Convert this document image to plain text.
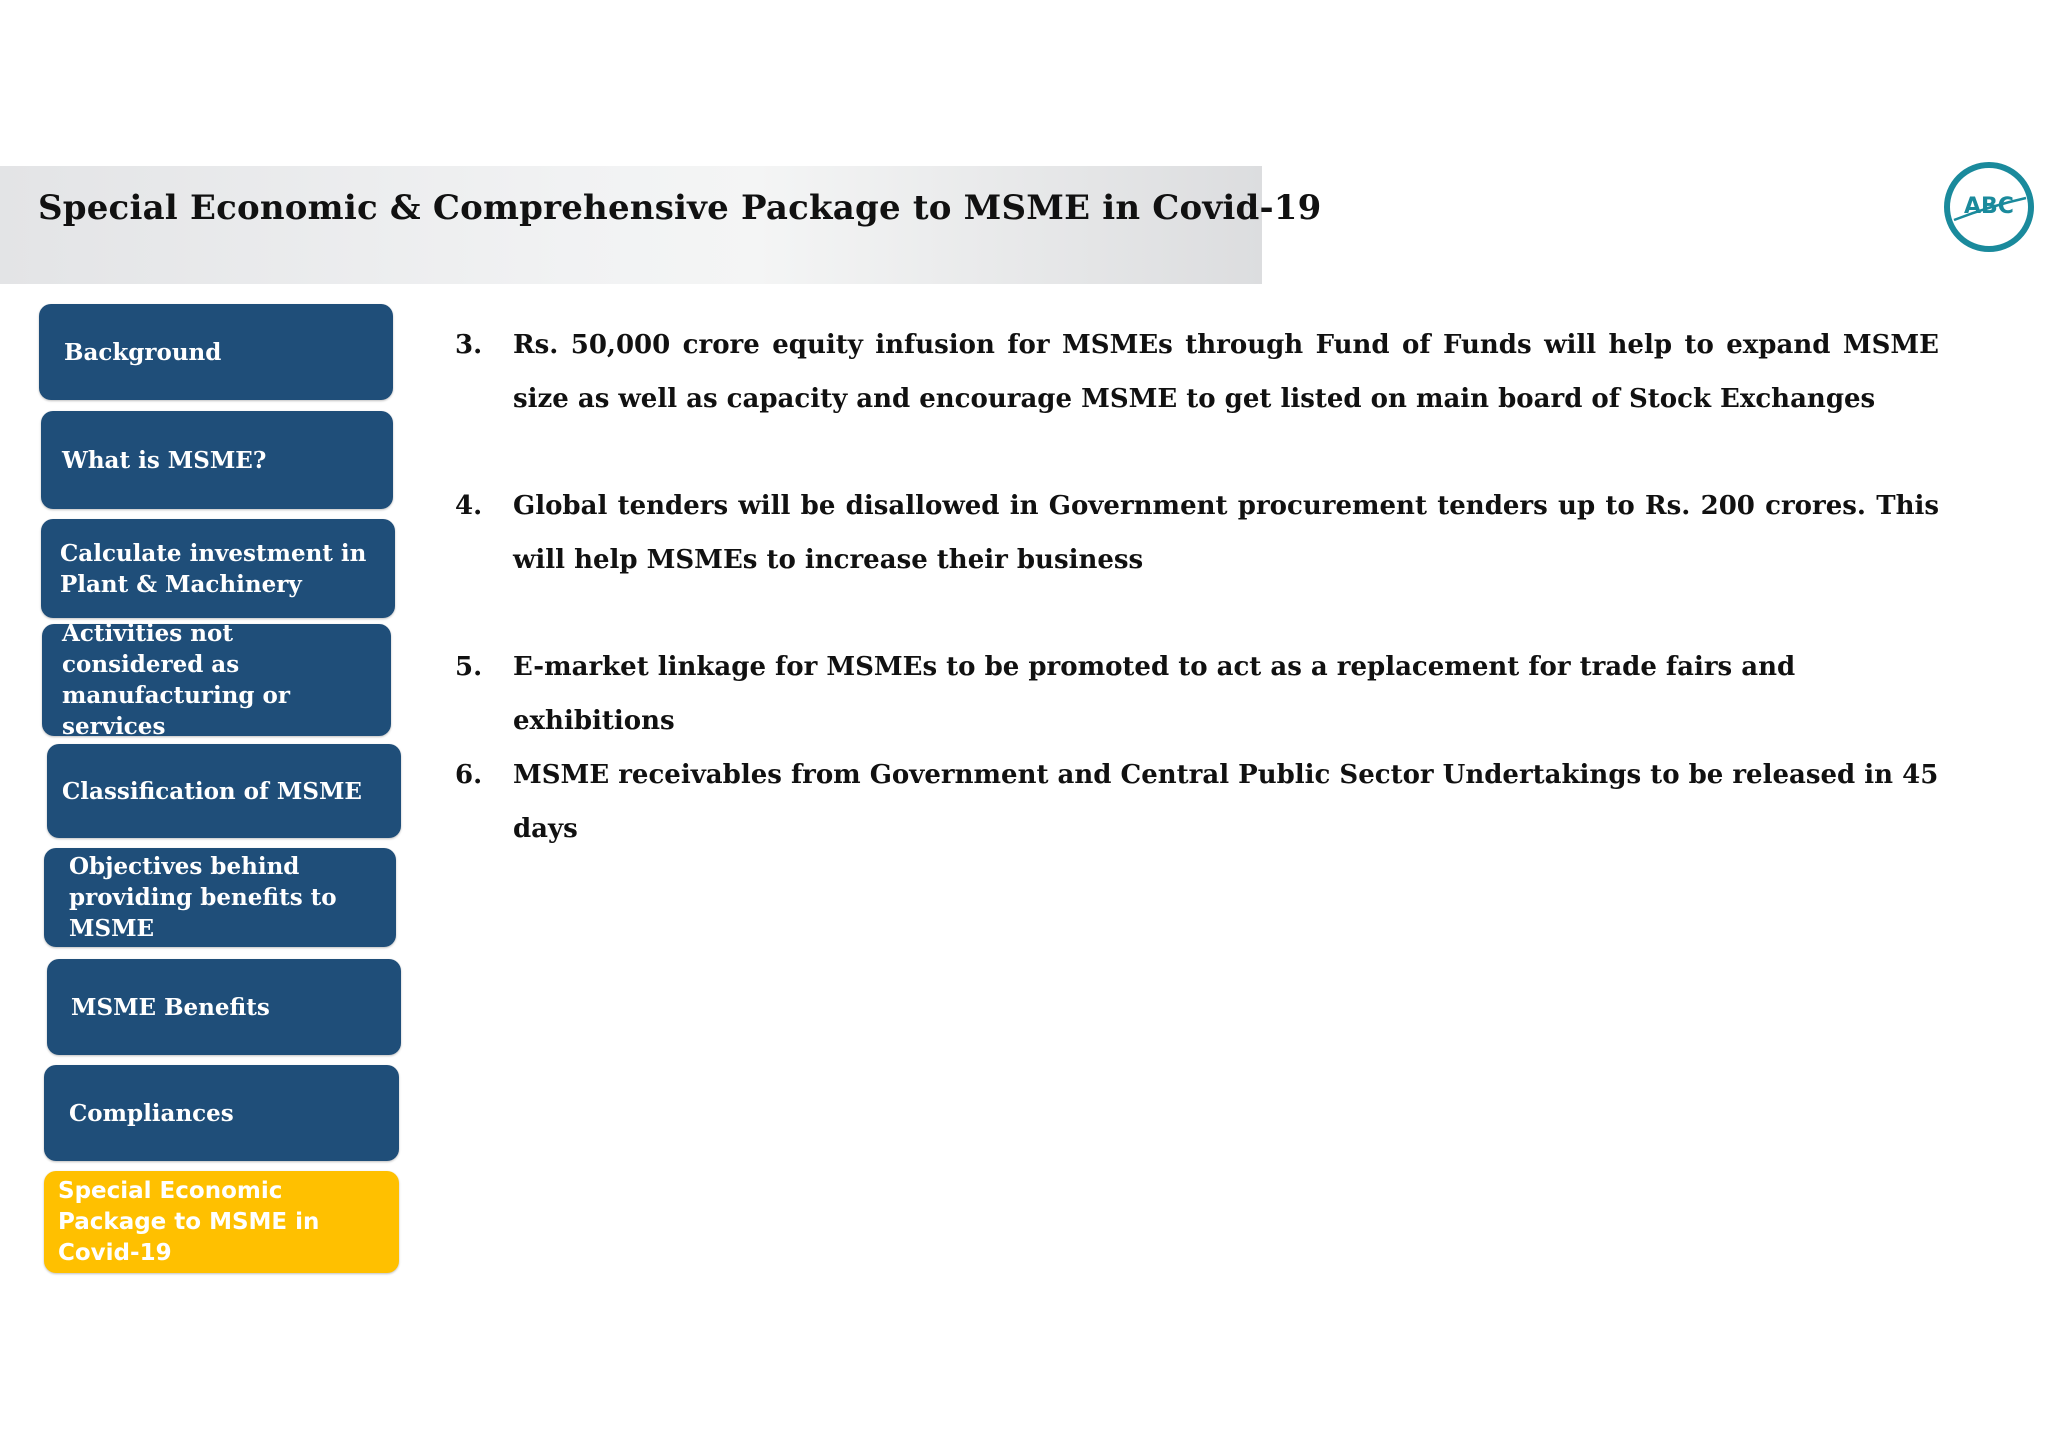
Special Economic & Comprehensive Package to MSME in Covid-19	ABC
Background
What is MSME?
Calculate investment in Plant & Machinery
Activities not considered as manufacturing or services
Classification of MSME
Objectives behind providing benefits to MSME
MSME Benefits
Compliances
Special Economic Package to MSME in Covid-19
3.	Rs. 50,000 crore equity infusion for MSMEs through Fund of Funds will help to expand MSME size as well as capacity and encourage MSME to get listed on main board of Stock Exchanges
4.	Global tenders will be disallowed in Government procurement tenders up to Rs. 200 crores. This will help MSMEs to increase their business
5.	E-market linkage for MSMEs to be promoted to act as a replacement for trade fairs and exhibitions
6.	MSME receivables from Government and Central Public Sector Undertakings to be released in 45 days
